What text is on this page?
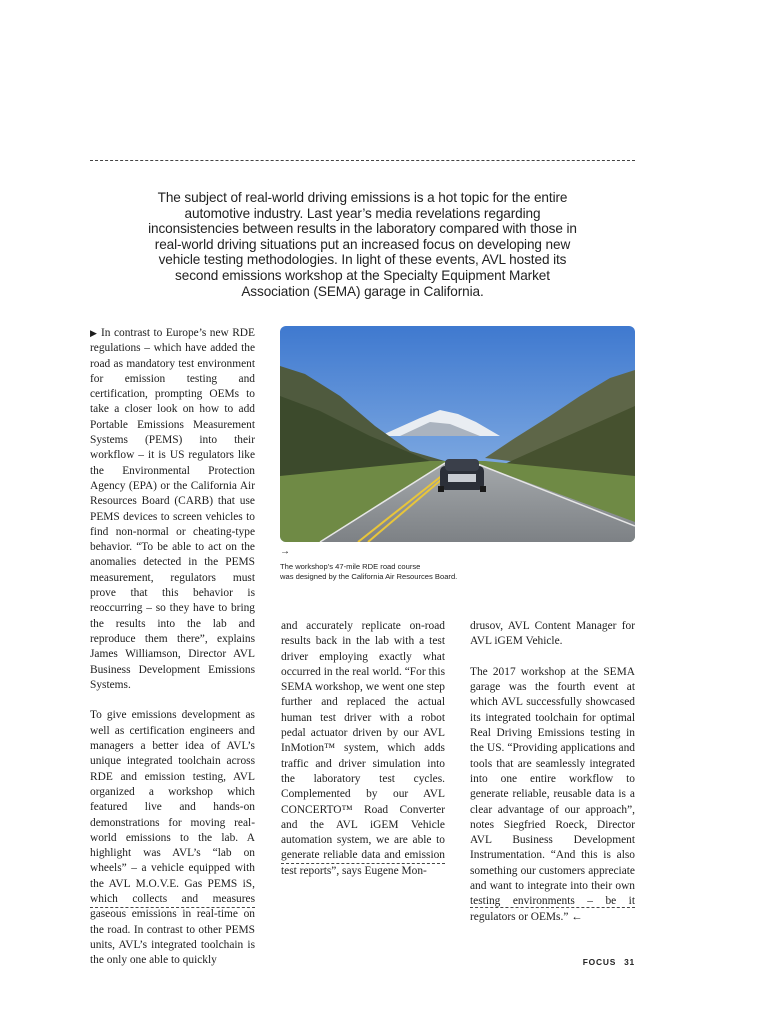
The subject of real-world driving emissions is a hot topic for the entire automotive industry. Last year’s media revelations regarding inconsistencies between results in the laboratory compared with those in real-world driving situations put an increased focus on developing new vehicle testing methodologies. In light of these events, AVL hosted its second emissions workshop at the Specialty Equipment Market Association (SEMA) garage in California.

▶ In contrast to Europe’s new RDE regulations – which have added the road as mandatory test environment for emission testing and certification, prompting OEMs to take a closer look on how to add Portable Emissions Measurement Systems (PEMS) into their workflow – it is US regulators like the Environmental Protection Agency (EPA) or the California Air Resources Board (CARB) that use PEMS devices to screen vehicles to find non-normal or cheating-type behavior. “To be able to act on the anomalies detected in the PEMS measurement, regulators must prove that this behavior is reoccurring – so they have to bring the results into the lab and reproduce them there”, explains James Williamson, Director AVL Business Development Emissions Systems.

To give emissions development as well as certification engineers and managers a better idea of AVL’s unique integrated toolchain across RDE and emission testing, AVL organized a workshop which featured live and hands-on demonstrations for moving real-world emissions to the lab. A highlight was AVL’s “lab on wheels” – a vehicle equipped with the AVL M.O.V.E. Gas PEMS iS, which collects and measures gaseous emissions in real-time on the road. In contrast to other PEMS units, AVL’s integrated toolchain is the only one able to quickly

→
The workshop’s 47-mile RDE road course
was designed by the California Air Resources Board.

and accurately replicate on-road results back in the lab with a test driver employing exactly what occurred in the real world. “For this SEMA workshop, we went one step further and replaced the actual human test driver with a robot pedal actuator driven by our AVL InMotion™ system, which adds traffic and driver simulation into the laboratory test cycles. Complemented by our AVL CONCERTO™ Road Converter and the AVL iGEM Vehicle automation system, we are able to generate reliable data and emission test reports”, says Eugene Mon-

drusov, AVL Content Manager for AVL iGEM Vehicle.

The 2017 workshop at the SEMA garage was the fourth event at which AVL successfully showcased its integrated toolchain for optimal Real Driving Emissions testing in the US. “Providing applications and tools that are seamlessly integrated into one entire workflow to generate reliable, reusable data is a clear advantage of our approach”, notes Siegfried Roeck, Director AVL Business Development Instrumentation. “And this is also something our customers appreciate and want to integrate into their own testing environments – be it regulators or OEMs.” ←

FOCUS 31
